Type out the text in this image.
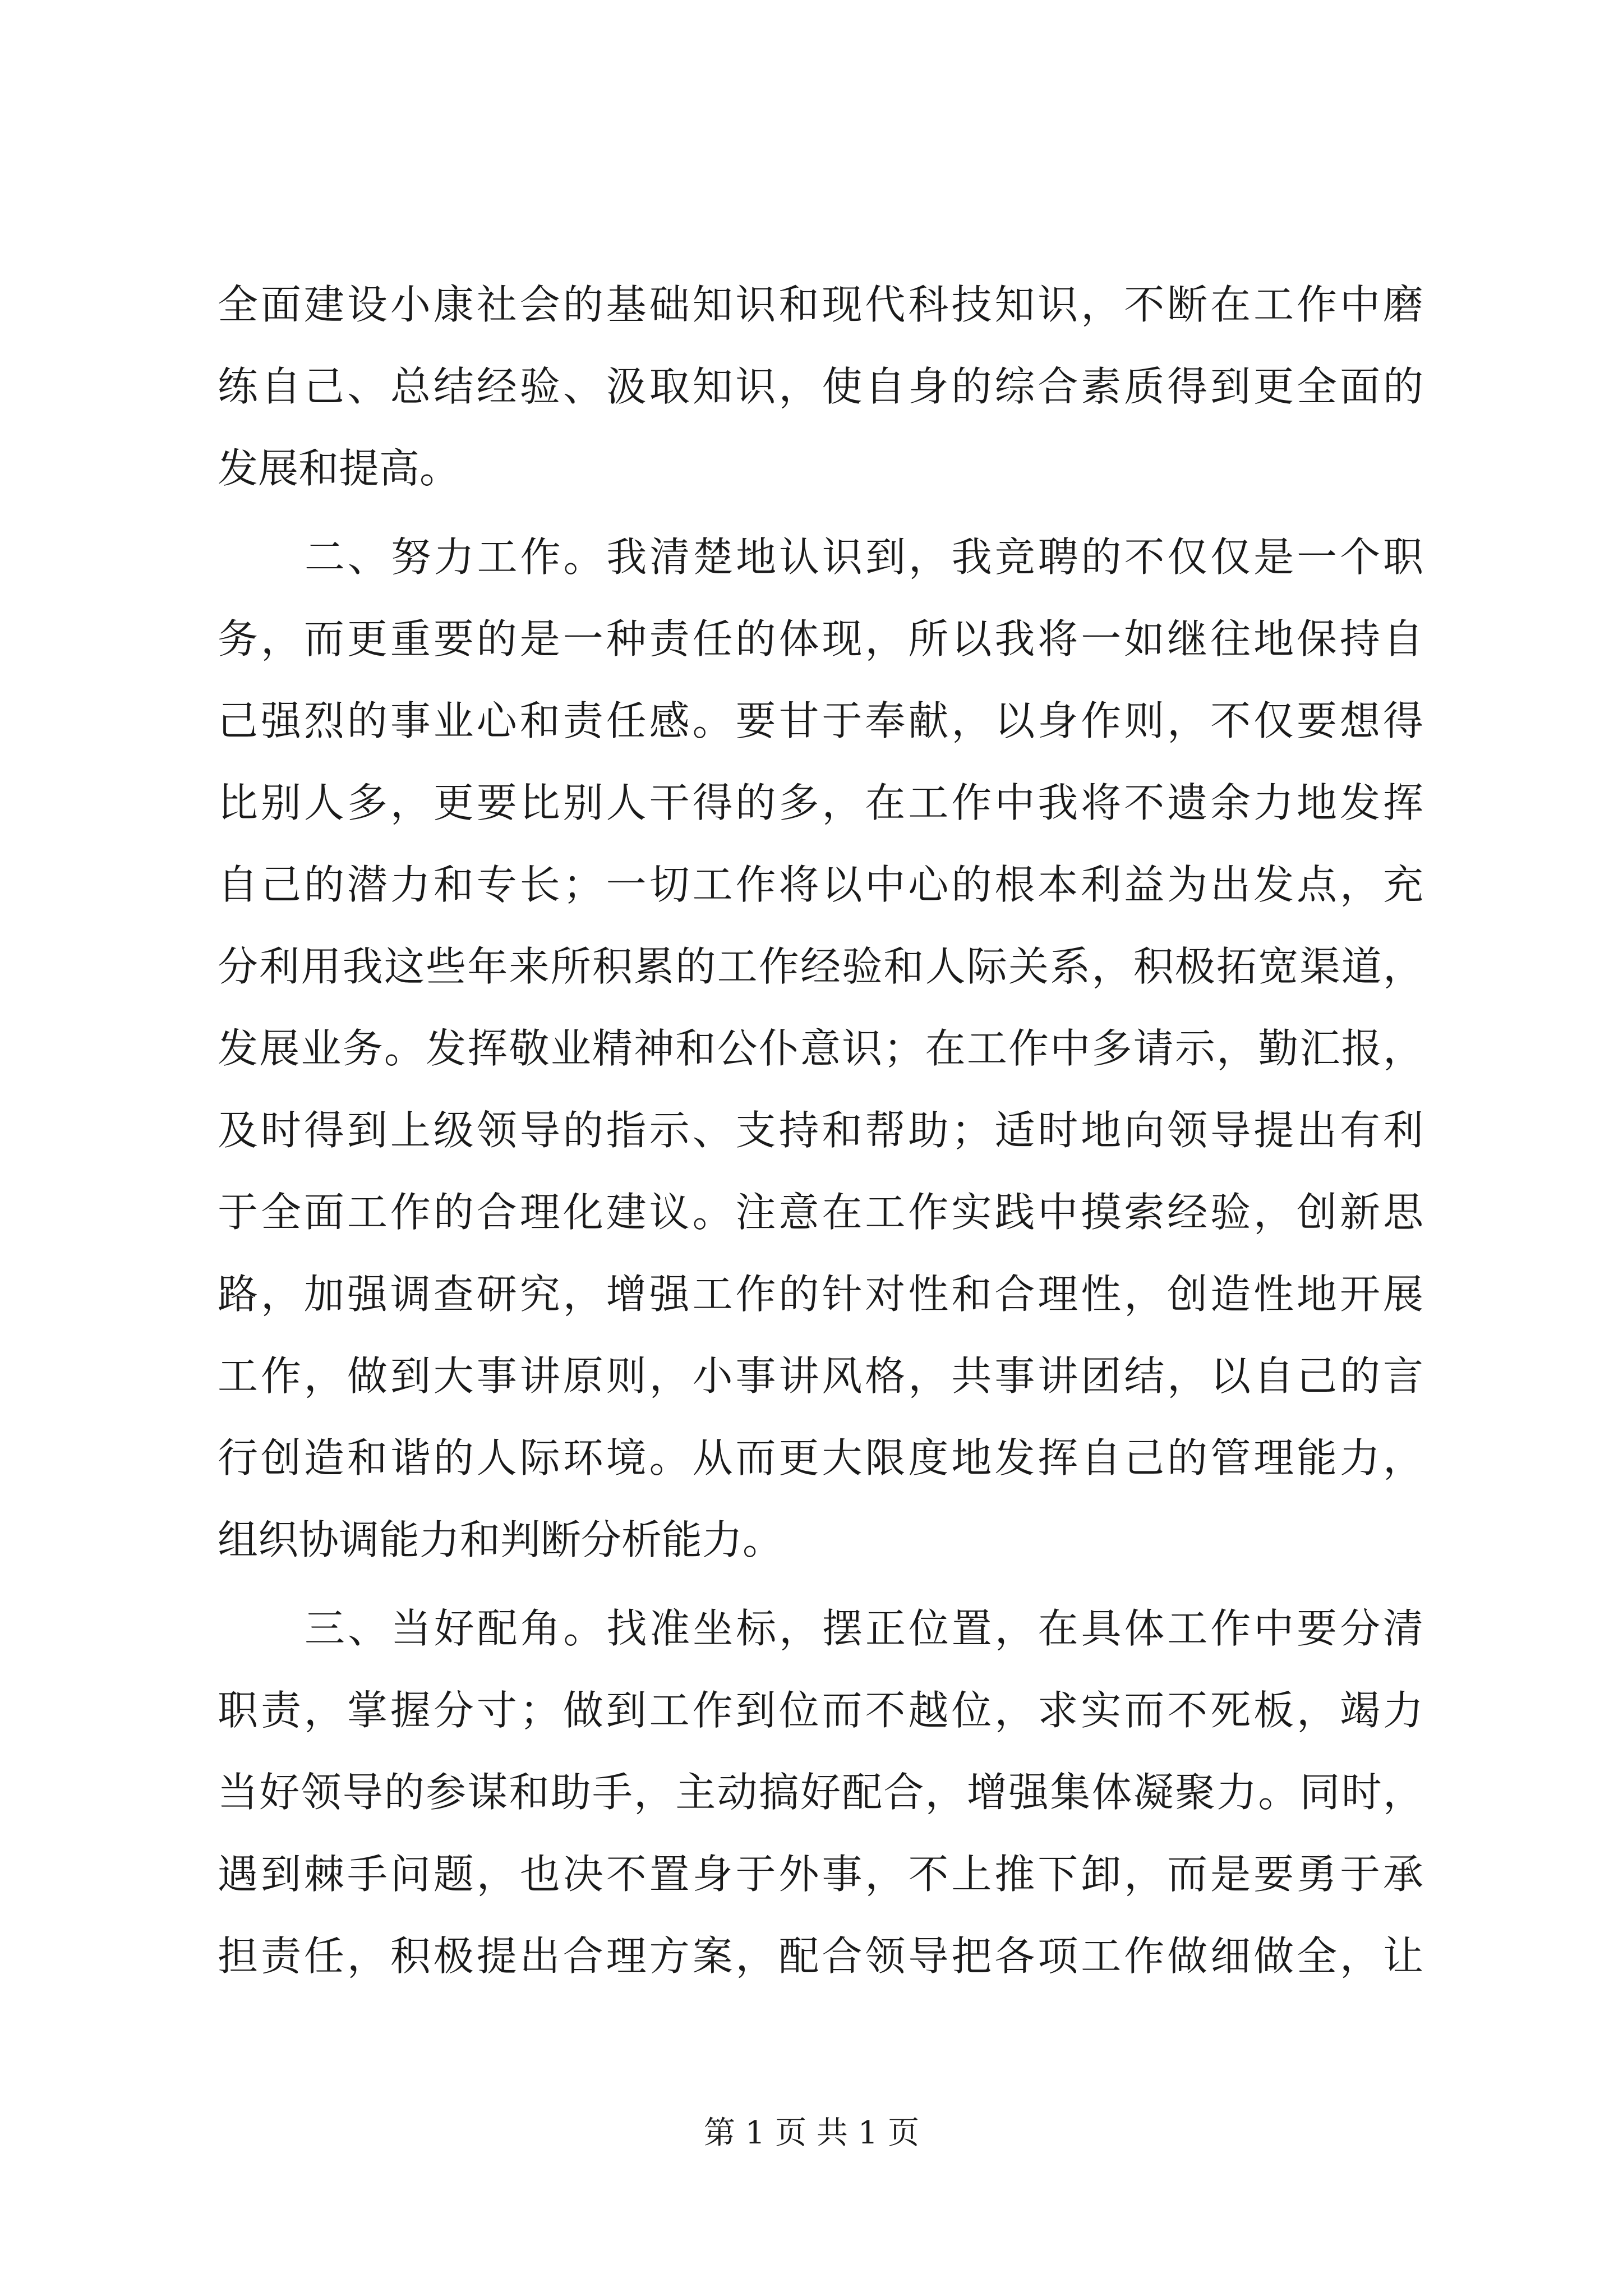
全面建设小康社会的基础知识和现代科技知识，不断在工作中磨
练自己、总结经验、汲取知识，使自身的综合素质得到更全面的
发展和提高。
二、努力工作。我清楚地认识到，我竞聘的不仅仅是一个职
务，而更重要的是一种责任的体现，所以我将一如继往地保持自
己强烈的事业心和责任感。要甘于奉献，以身作则，不仅要想得
比别人多，更要比别人干得的多，在工作中我将不遗余力地发挥
自己的潜力和专长；一切工作将以中心的根本利益为出发点，充
分利用我这些年来所积累的工作经验和人际关系，积极拓宽渠道，
发展业务。发挥敬业精神和公仆意识；在工作中多请示，勤汇报，
及时得到上级领导的指示、支持和帮助；适时地向领导提出有利
于全面工作的合理化建议。注意在工作实践中摸索经验，创新思
路，加强调查研究，增强工作的针对性和合理性，创造性地开展
工作，做到大事讲原则，小事讲风格，共事讲团结，以自己的言
行创造和谐的人际环境。从而更大限度地发挥自己的管理能力，
组织协调能力和判断分析能力。
三、当好配角。找准坐标，摆正位置，在具体工作中要分清
职责，掌握分寸；做到工作到位而不越位，求实而不死板，竭力
当好领导的参谋和助手，主动搞好配合，增强集体凝聚力。同时，
遇到棘手问题，也决不置身于外事，不上推下卸，而是要勇于承
担责任，积极提出合理方案，配合领导把各项工作做细做全，让
第 1 页 共 1 页
